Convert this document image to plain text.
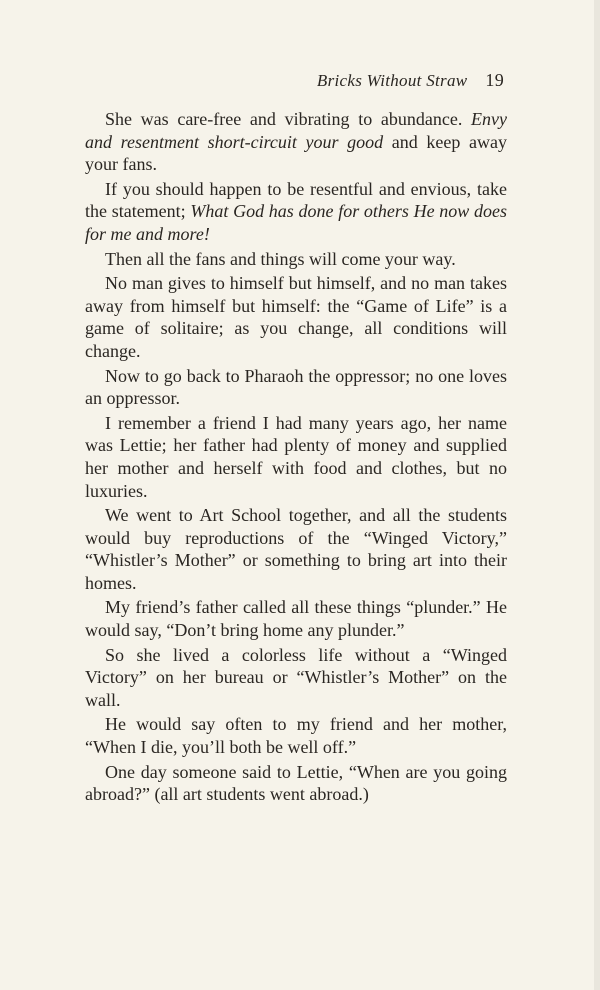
Bricks Without Straw 19

She was care-free and vibrating to abundance. Envy and resentment short-circuit your good and keep away your fans.

If you should happen to be resentful and envious, take the statement; What God has done for others He now does for me and more!

Then all the fans and things will come your way.

No man gives to himself but himself, and no man takes away from himself but himself: the “Game of Life” is a game of solitaire; as you change, all conditions will change.

Now to go back to Pharaoh the oppressor; no one loves an oppressor.

I remember a friend I had many years ago, her name was Lettie; her father had plenty of money and supplied her mother and herself with food and clothes, but no luxuries.

We went to Art School together, and all the students would buy reproductions of the “Winged Victory,” “Whistler’s Mother” or something to bring art into their homes.

My friend’s father called all these things “plunder.” He would say, “Don’t bring home any plunder.”

So she lived a colorless life without a “Winged Victory” on her bureau or “Whistler’s Mother” on the wall.

He would say often to my friend and her mother, “When I die, you’ll both be well off.”

One day someone said to Lettie, “When are you going abroad?” (all art students went abroad.)
